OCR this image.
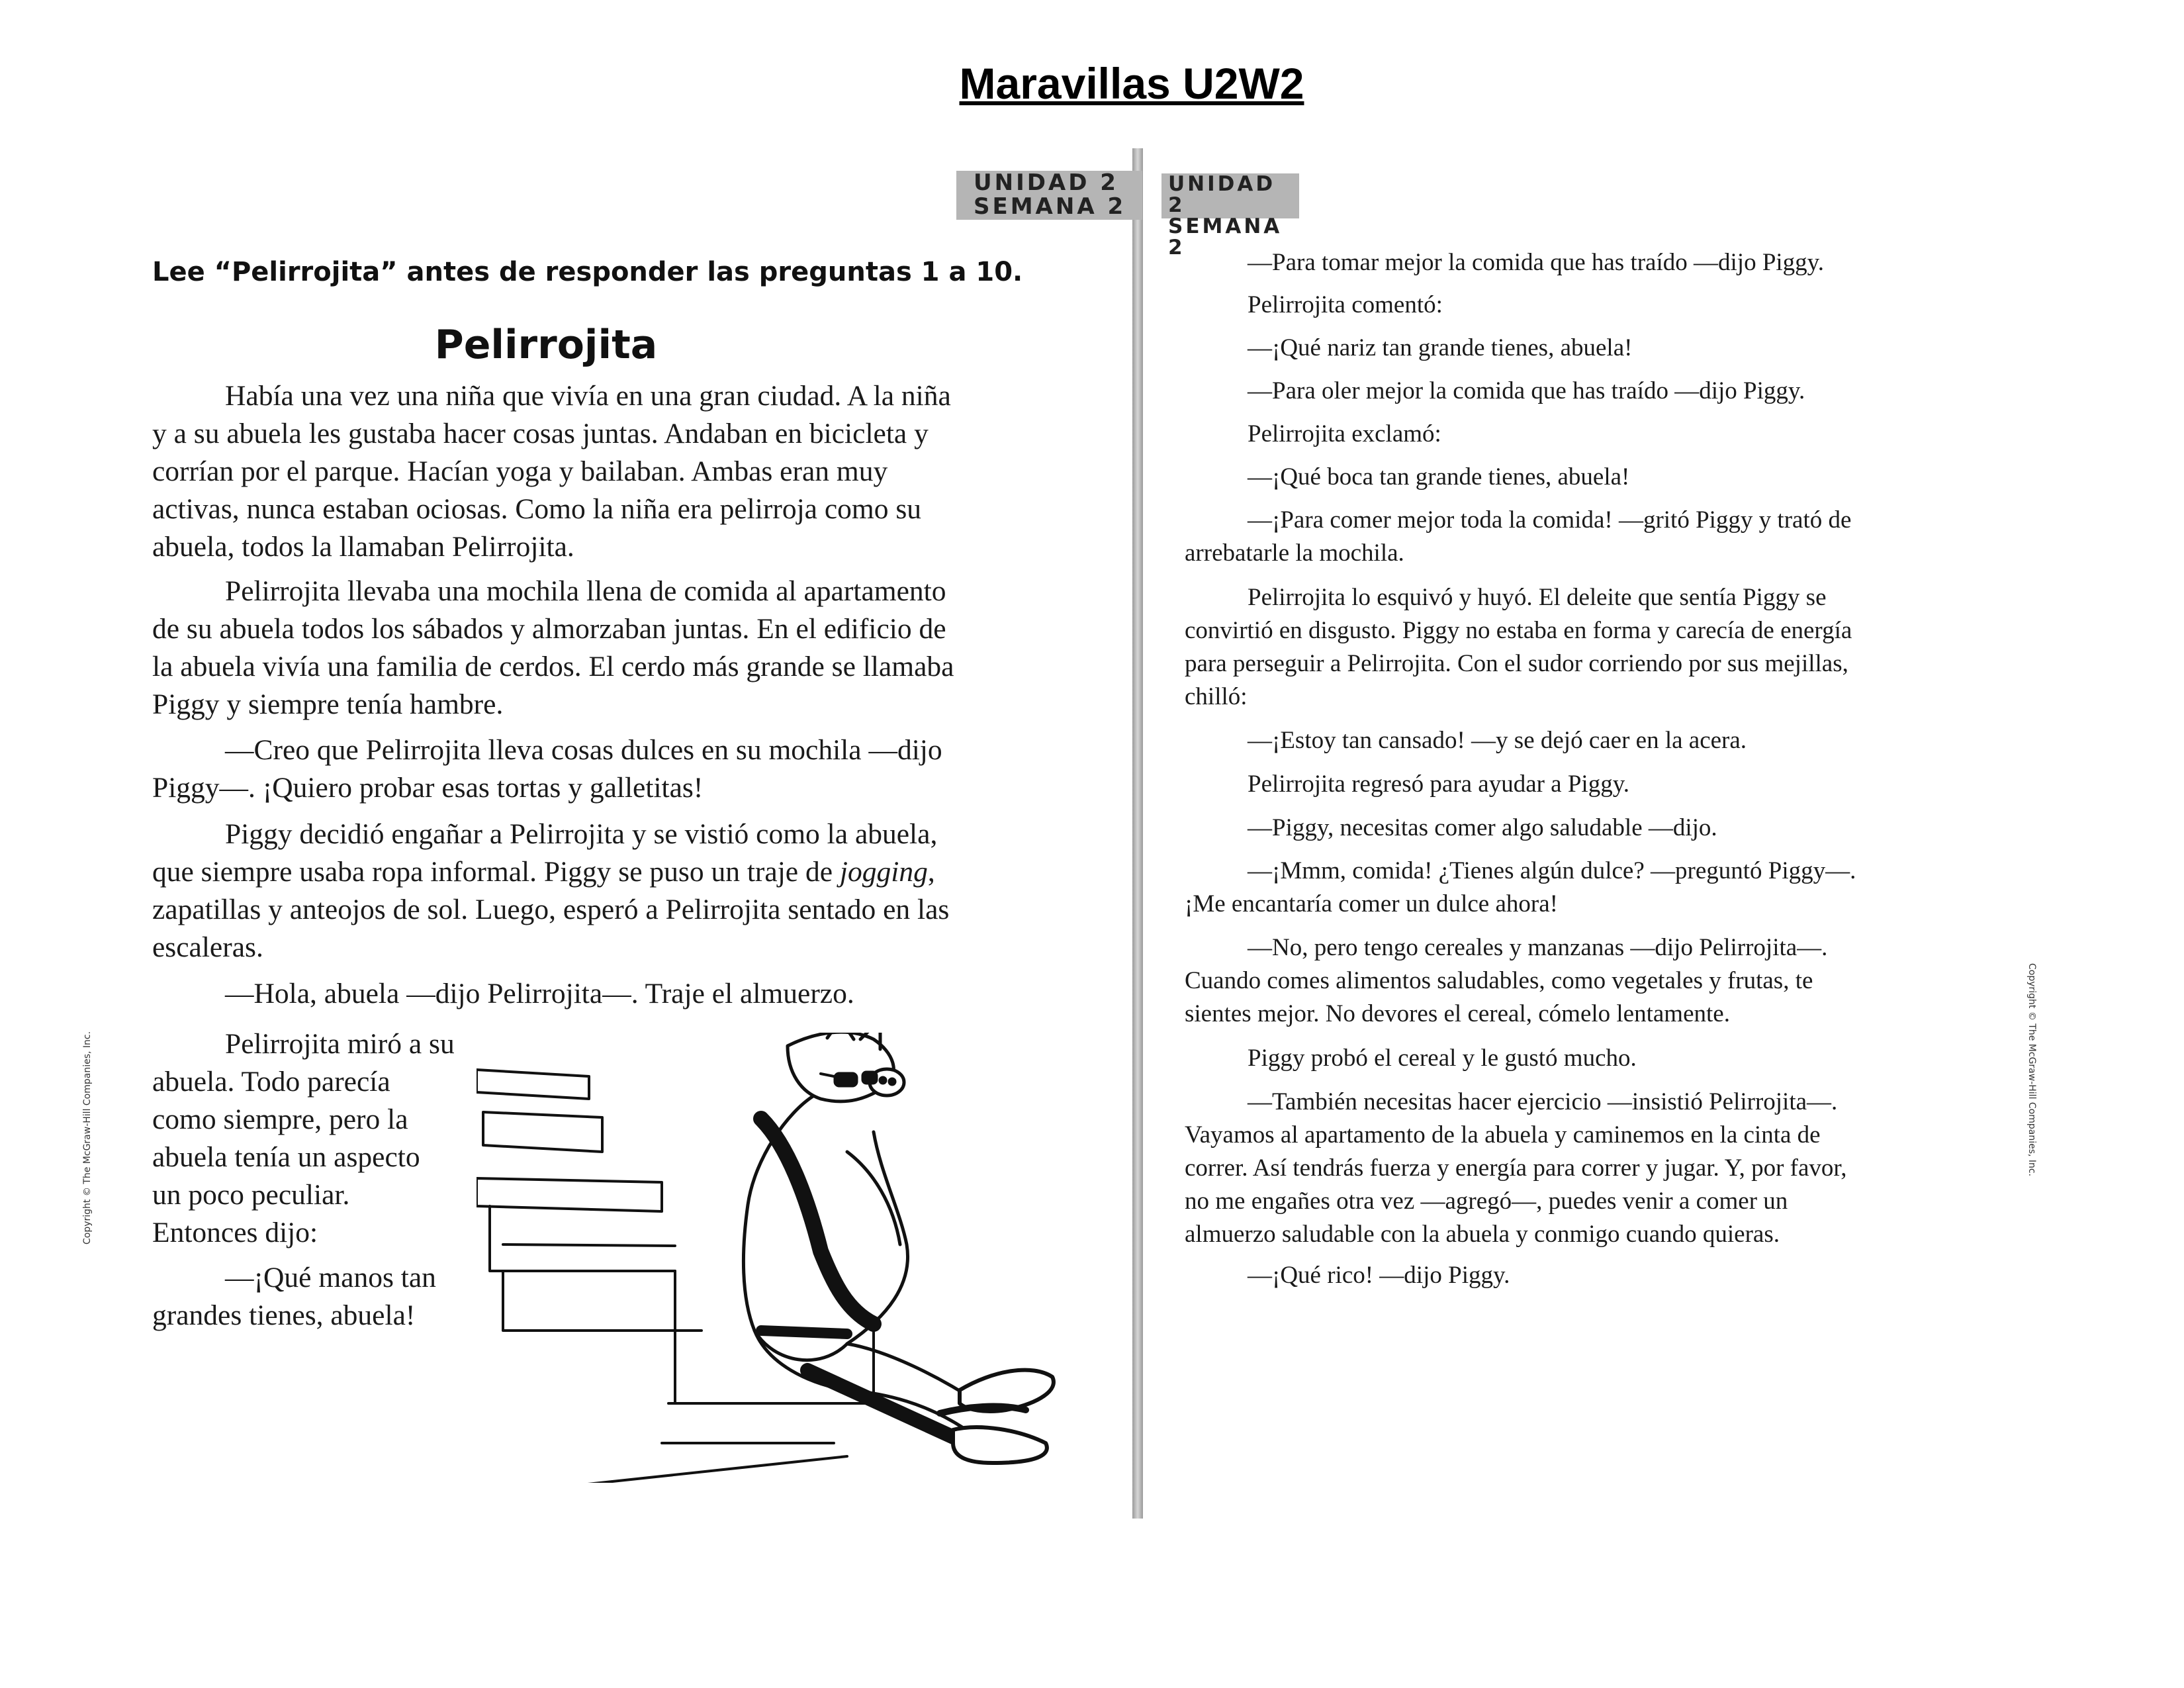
Maravillas U2W2
UNIDAD 2
SEMANA 2
UNIDAD 2
SEMANA 2
Lee “Pelirrojita” antes de responder las preguntas 1 a 10.
Pelirrojita

Había una vez una niña que vivía en una gran ciudad. A la niña y a su abuela les gustaba hacer cosas juntas. Andaban en bicicleta y corrían por el parque. Hacían yoga y bailaban. Ambas eran muy activas, nunca estaban ociosas. Como la niña era pelirroja como su abuela, todos la llamaban Pelirrojita.

Pelirrojita llevaba una mochila llena de comida al apartamento de su abuela todos los sábados y almorzaban juntas. En el edificio de la abuela vivía una familia de cerdos. El cerdo más grande se llamaba Piggy y siempre tenía hambre.

—Creo que Pelirrojita lleva cosas dulces en su mochila —dijo Piggy—. ¡Quiero probar esas tortas y galletitas!

Piggy decidió engañar a Pelirrojita y se vistió como la abuela, que siempre usaba ropa informal. Piggy se puso un traje de jogging, zapatillas y anteojos de sol. Luego, esperó a Pelirrojita sentado en las escaleras.

—Hola, abuela —dijo Pelirrojita—. Traje el almuerzo.

Pelirrojita miró a su
abuela. Todo parecía
como siempre, pero la
abuela tenía un aspecto
un poco peculiar.
Entonces dijo:
—¡Qué manos tan
grandes tienes, abuela!

—Para tomar mejor la comida que has traído —dijo Piggy.

Pelirrojita comentó:

—¡Qué nariz tan grande tienes, abuela!

—Para oler mejor la comida que has traído —dijo Piggy.

Pelirrojita exclamó:

—¡Qué boca tan grande tienes, abuela!

—¡Para comer mejor toda la comida! —gritó Piggy y trató de arrebatarle la mochila.

Pelirrojita lo esquivó y huyó. El deleite que sentía Piggy se convirtió en disgusto. Piggy no estaba en forma y carecía de energía para perseguir a Pelirrojita. Con el sudor corriendo por sus mejillas, chilló:

—¡Estoy tan cansado! —y se dejó caer en la acera.

Pelirrojita regresó para ayudar a Piggy.

—Piggy, necesitas comer algo saludable —dijo.

—¡Mmm, comida! ¿Tienes algún dulce? —preguntó Piggy—. ¡Me encantaría comer un dulce ahora!

—No, pero tengo cereales y manzanas —dijo Pelirrojita—. Cuando comes alimentos saludables, como vegetales y frutas, te sientes mejor. No devores el cereal, cómelo lentamente.

Piggy probó el cereal y le gustó mucho.

—También necesitas hacer ejercicio —insistió Pelirrojita—. Vayamos al apartamento de la abuela y caminemos en la cinta de correr. Así tendrás fuerza y energía para correr y jugar. Y, por favor, no me engañes otra vez —agregó—, puedes venir a comer un almuerzo saludable con la abuela y conmigo cuando quieras.

—¡Qué rico! —dijo Piggy.

Copyright © The McGraw-Hill Companies, Inc.	Copyright © The McGraw-Hill Companies, Inc.
